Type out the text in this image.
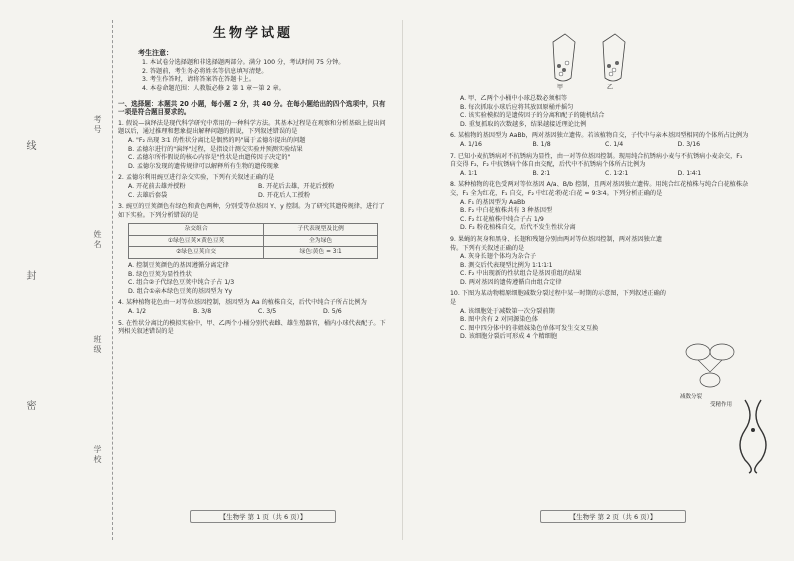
考号
姓名
班级
学校
线
封
密
生物学试题
考生注意：
1. 本试卷分选择题和非选择题两部分。满分 100 分，考试时间 75 分钟。
2. 答题前，考生务必将姓名等信息填写清楚。
3. 考生作答时，请将答案答在答题卡上。
4. 本卷命题范围：人教版必修 2 第 1 章～第 2 章。
一、选择题：本题共 20 小题，每小题 2 分，共 40 分。在每小题给出的四个选项中，只有一项是符合题目要求的。
1. 假说—演绎法是现代科学研究中常用的一种科学方法。其基本过程是在观察和分析基础上提出问题以后，通过推理和想象提出解释问题的假说，下列叙述错误的是
A. "F₂ 出现 3∶1 的性状分离比是偶然的吗"属于孟德尔提出的问题
B. 孟德尔进行的"演绎"过程，是指设计测交实验并预测实验结果
C. 孟德尔所作假说的核心内容是"性状是由遗传因子决定的"
D. 孟德尔发现的遗传规律可以解释所有生物的遗传现象
2. 孟德尔利用豌豆进行杂交实验，下列有关叙述正确的是
A. 开花前去雄并授粉	B. 开花后去雄，开花后授粉
C. 去雄后套袋	D. 开花后人工授粉
3. 豌豆的豆荚颜色有绿色和黄色两种，分别受等位基因 Y、y 控制。为了研究其遗传规律，进行了如下实验。下列分析错误的是
杂交组合	子代表现型及比例
①绿色豆荚×黄色豆荚	全为绿色
②绿色豆荚自交	绿色∶黄色 = 3∶1
A. 控制豆荚颜色的基因遵循分离定律
B. 绿色豆荚为显性性状
C. 组合②子代绿色豆荚中纯合子占 1/3
D. 组合①亲本绿色豆荚的基因型为 Yy
4. 某种植物花色由一对等位基因控制，基因型为 Aa 的植株自交，后代中纯合子所占比例为
A. 1/2	B. 3/8	C. 3/5	D. 5/6
5. 在性状分离比的模拟实验中，甲、乙两个小桶分别代表雌、雄生殖器官，桶内小球代表配子。下列相关叙述错误的是
【生物学 第 1 页（共 6 页）】
甲	乙
A. 甲、乙两个小桶中小球总数必须相等
B. 每次抓取小球后应将其放回原桶并摇匀
C. 该实验模拟的是遗传因子的分离和配子的随机结合
D. 重复抓取的次数越多，结果越接近理论比例
6. 某植物的基因型为 AaBb，两对基因独立遗传。若该植物自交，子代中与亲本基因型相同的个体所占比例为
A. 1/16	B. 1/8	C. 1/4	D. 3/16
7. 已知小麦抗锈病对不抗锈病为显性，由一对等位基因控制。现用纯合抗锈病小麦与不抗锈病小麦杂交，F₁ 自交得 F₂，F₂ 中抗锈病个体自由交配，后代中不抗锈病个体所占比例为
A. 1∶1	B. 2∶1	C. 1∶2∶1	D. 1∶4∶1
8. 某种植物的花色受两对等位基因 A/a、B/b 控制，且两对基因独立遗传。用纯合红花植株与纯合白花植株杂交，F₁ 全为红花，F₁ 自交，F₂ 中红花∶粉花∶白花 = 9∶3∶4。下列分析正确的是
A. F₁ 的基因型为 AaBb
B. F₂ 中白花植株共有 3 种基因型
C. F₂ 红花植株中纯合子占 1/9
D. F₂ 粉花植株自交，后代不发生性状分离
9. 果蝇的灰身和黑身、长翅和残翅分别由两对等位基因控制，两对基因独立遗传。下列有关叙述正确的是
A. 灰身长翅个体均为杂合子
B. 测交后代表现型比例为 1∶1∶1∶1
C. F₂ 中出现新的性状组合是基因重组的结果
D. 两对基因的遗传遵循自由组合定律
10. 下图为某动物精原细胞减数分裂过程中某一时期的示意图，下列叙述正确的是
A. 该细胞处于减数第一次分裂前期
B. 图中含有 2 对同源染色体
C. 图中四分体中的非姐妹染色单体可发生交叉互换
D. 该细胞分裂后可形成 4 个精细胞
减数分裂
受精作用
【生物学 第 2 页（共 6 页）】
